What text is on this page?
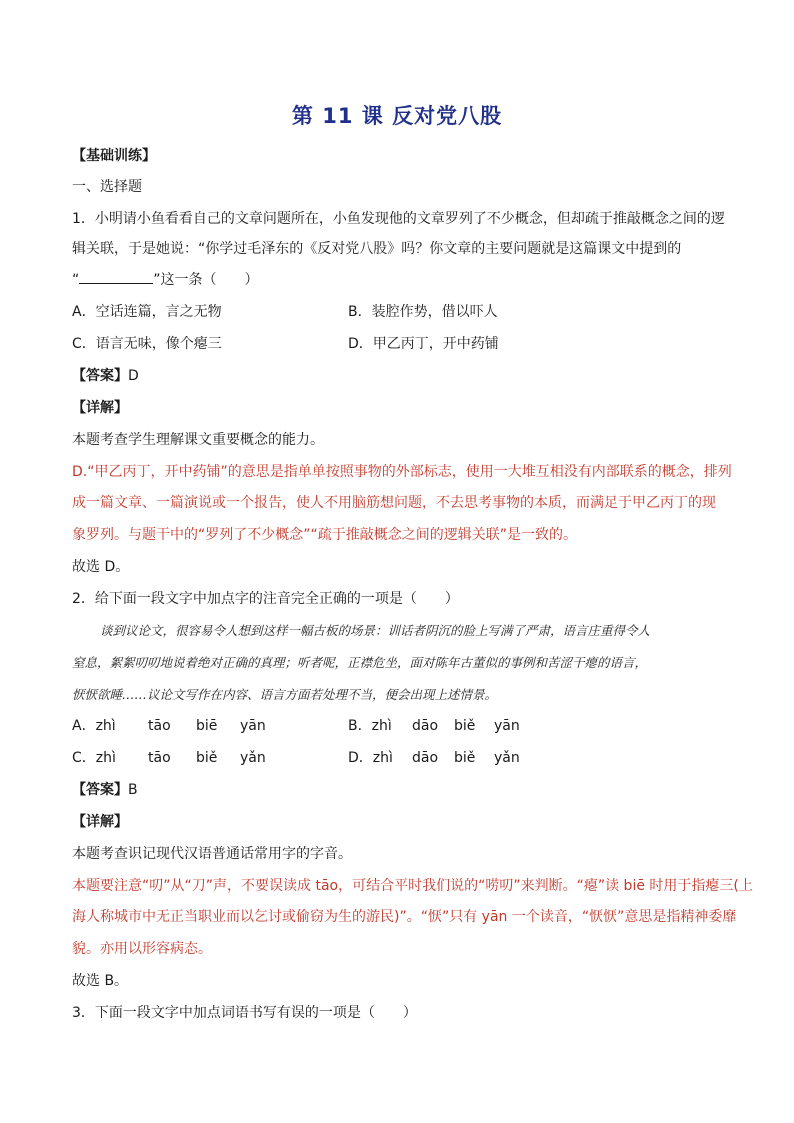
第 11 课 反对党八股
【基础训练】
一、选择题
1．小明请小鱼看看自己的文章问题所在，小鱼发现他的文章罗列了不少概念，但却疏于推敲概念之间的逻
辑关联，于是她说：“你学过毛泽东的《反对党八股》吗？你文章的主要问题就是这篇课文中提到的
“	”这一条（　　）
A．空话连篇，言之无物	B．装腔作势，借以吓人
C．语言无味，像个瘪三	D．甲乙丙丁，开中药铺
【答案】D
【详解】
本题考查学生理解课文重要概念的能力。
D.“甲乙丙丁，开中药铺”的意思是指单单按照事物的外部标志，使用一大堆互相没有内部联系的概念，排列
成一篇文章、一篇演说或一个报告，使人不用脑筋想问题，不去思考事物的本质，而满足于甲乙丙丁的现
象罗列。与题干中的“罗列了不少概念”“疏于推敲概念之间的逻辑关联”是一致的。
故选 D。
2．给下面一段文字中加点字的注音完全正确的一项是（　　）
谈到议论文，很容易令人想到这样一幅古板的场景：训话者阴沉的脸上写满了严肃，语言庄重得令人
窒息，絮絮叨叨地说着绝对正确的真理；听者呢，正襟危坐，面对陈年古董似的事例和苦涩干瘪的语言，
恹恹欲睡……议论文写作在内容、语言方面若处理不当，便会出现上述情景。
A．zhì tāo biē yān	B．zhì dāo biě yān
C．zhì tāo biě yǎn	D．zhì dāo biě yǎn
【答案】B
【详解】
本题考查识记现代汉语普通话常用字的字音。
本题要注意“叨”从“刀”声，不要误读成 tāo，可结合平时我们说的“唠叨”来判断。“瘪”读 biē 时用于指瘪三(上
海人称城市中无正当职业而以乞讨或偷窃为生的游民)”。“恹”只有 yān 一个读音，“恹恹”意思是指精神委靡
貌。亦用以形容病态。
故选 B。
3．下面一段文字中加点词语书写有误的一项是（　　）
